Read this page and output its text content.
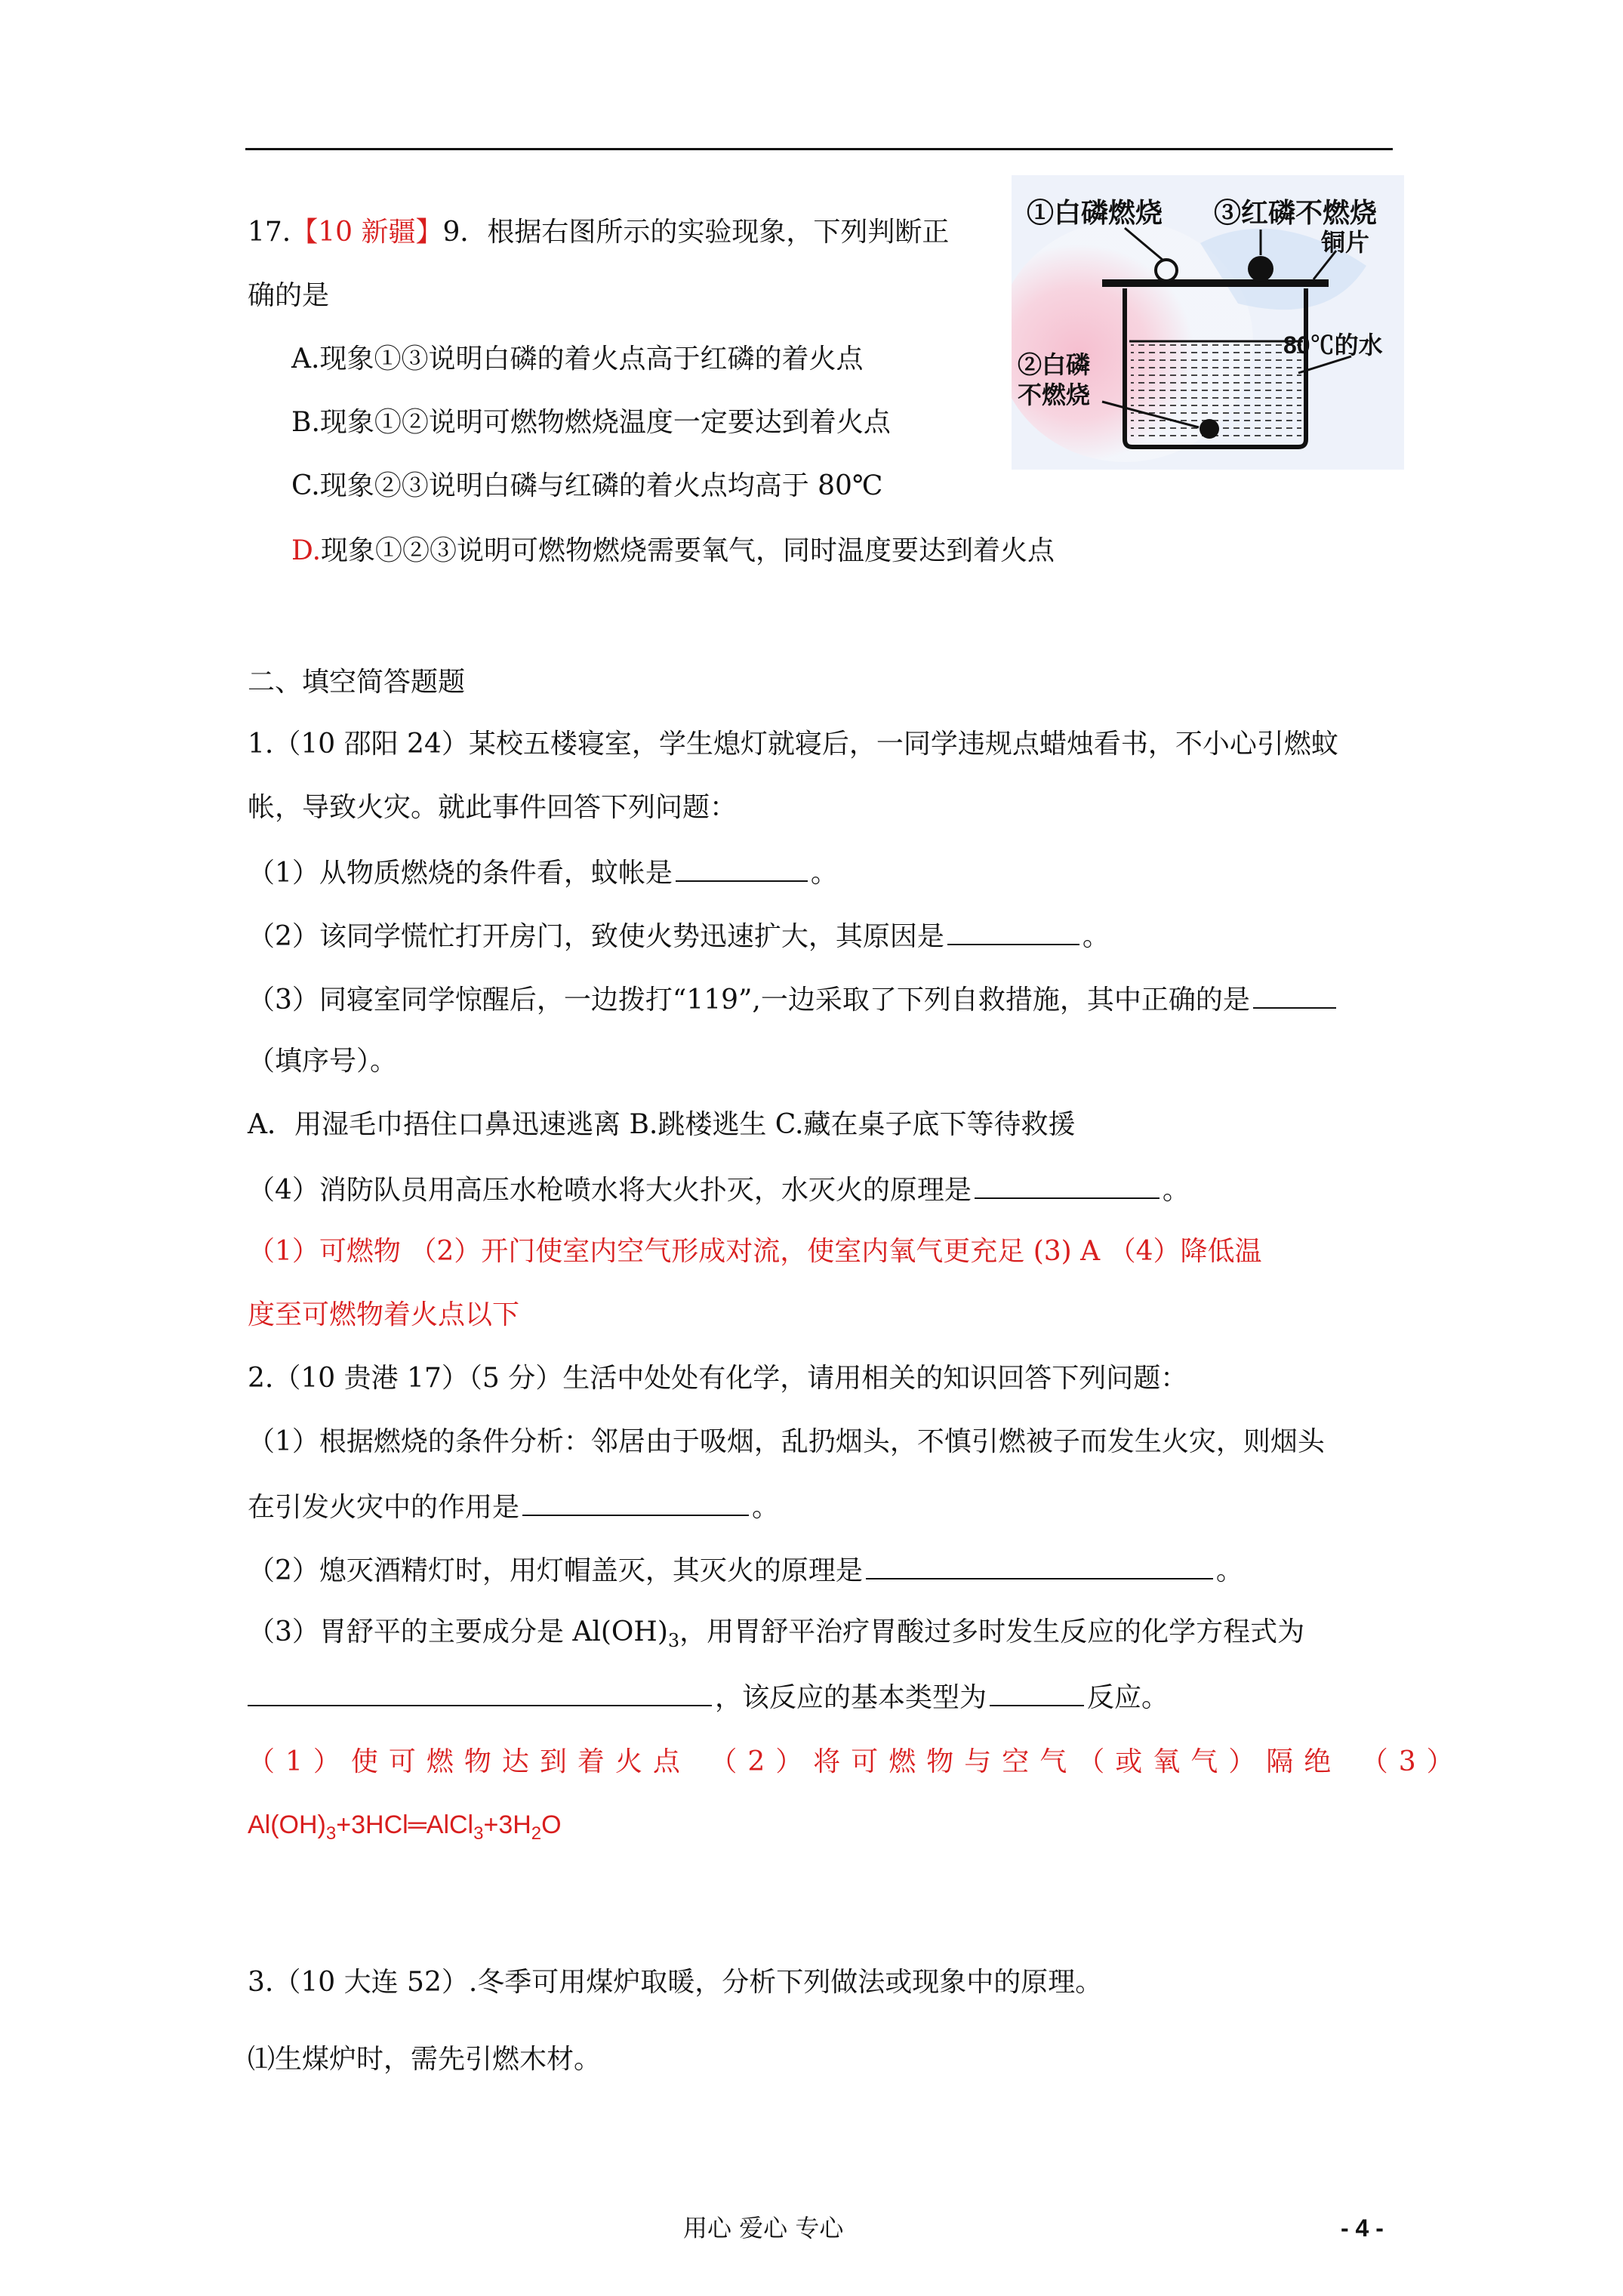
17.【10 新疆】9．根据右图所示的实验现象，下列判断正
确的是
A.现象①③说明白磷的着火点高于红磷的着火点
B.现象①②说明可燃物燃烧温度一定要达到着火点
C.现象②③说明白磷与红磷的着火点均高于 80℃
D.现象①②③说明可燃物燃烧需要氧气，同时温度要达到着火点
①白磷燃烧 ③红磷不燃烧
铜片
80℃的水
②白磷
不燃烧
二、填空简答题题
1.（10 邵阳 24）某校五楼寝室，学生熄灯就寝后，一同学违规点蜡烛看书，不小心引燃蚊
帐，导致火灾。就此事件回答下列问题：
（1）从物质燃烧的条件看，蚊帐是	。
（2）该同学慌忙打开房门，致使火势迅速扩大，其原因是	。
（3）同寝室同学惊醒后，一边拨打“119”,一边采取了下列自救措施，其中正确的是
（填序号）。
A．用湿毛巾捂住口鼻迅速逃离 B.跳楼逃生 C.藏在桌子底下等待救援
（4）消防队员用高压水枪喷水将大火扑灭，水灭火的原理是	。
（1）可燃物 （2）开门使室内空气形成对流，使室内氧气更充足 (3) A （4）降低温
度至可燃物着火点以下
2.（10 贵港 17）（5 分）生活中处处有化学，请用相关的知识回答下列问题：
（1）根据燃烧的条件分析：邻居由于吸烟，乱扔烟头，不慎引燃被子而发生火灾，则烟头
在引发火灾中的作用是	。
（2）熄灭酒精灯时，用灯帽盖灭，其灭火的原理是	。
（3）胃舒平的主要成分是 $Al(OH)_3$，用胃舒平治疗胃酸过多时发生反应的化学方程式为
，该反应的基本类型为	反应。
（1）使可燃物达到着火点 （2）将可燃物与空气（或氧气）隔绝 （3）
$Al(OH)_3+3HCl═AlCl_3+3H_2O$
3.（10 大连 52）.冬季可用煤炉取暖，分析下列做法或现象中的原理。
⑴生煤炉时，需先引燃木材。
用心 爱心 专心	- 4 -
